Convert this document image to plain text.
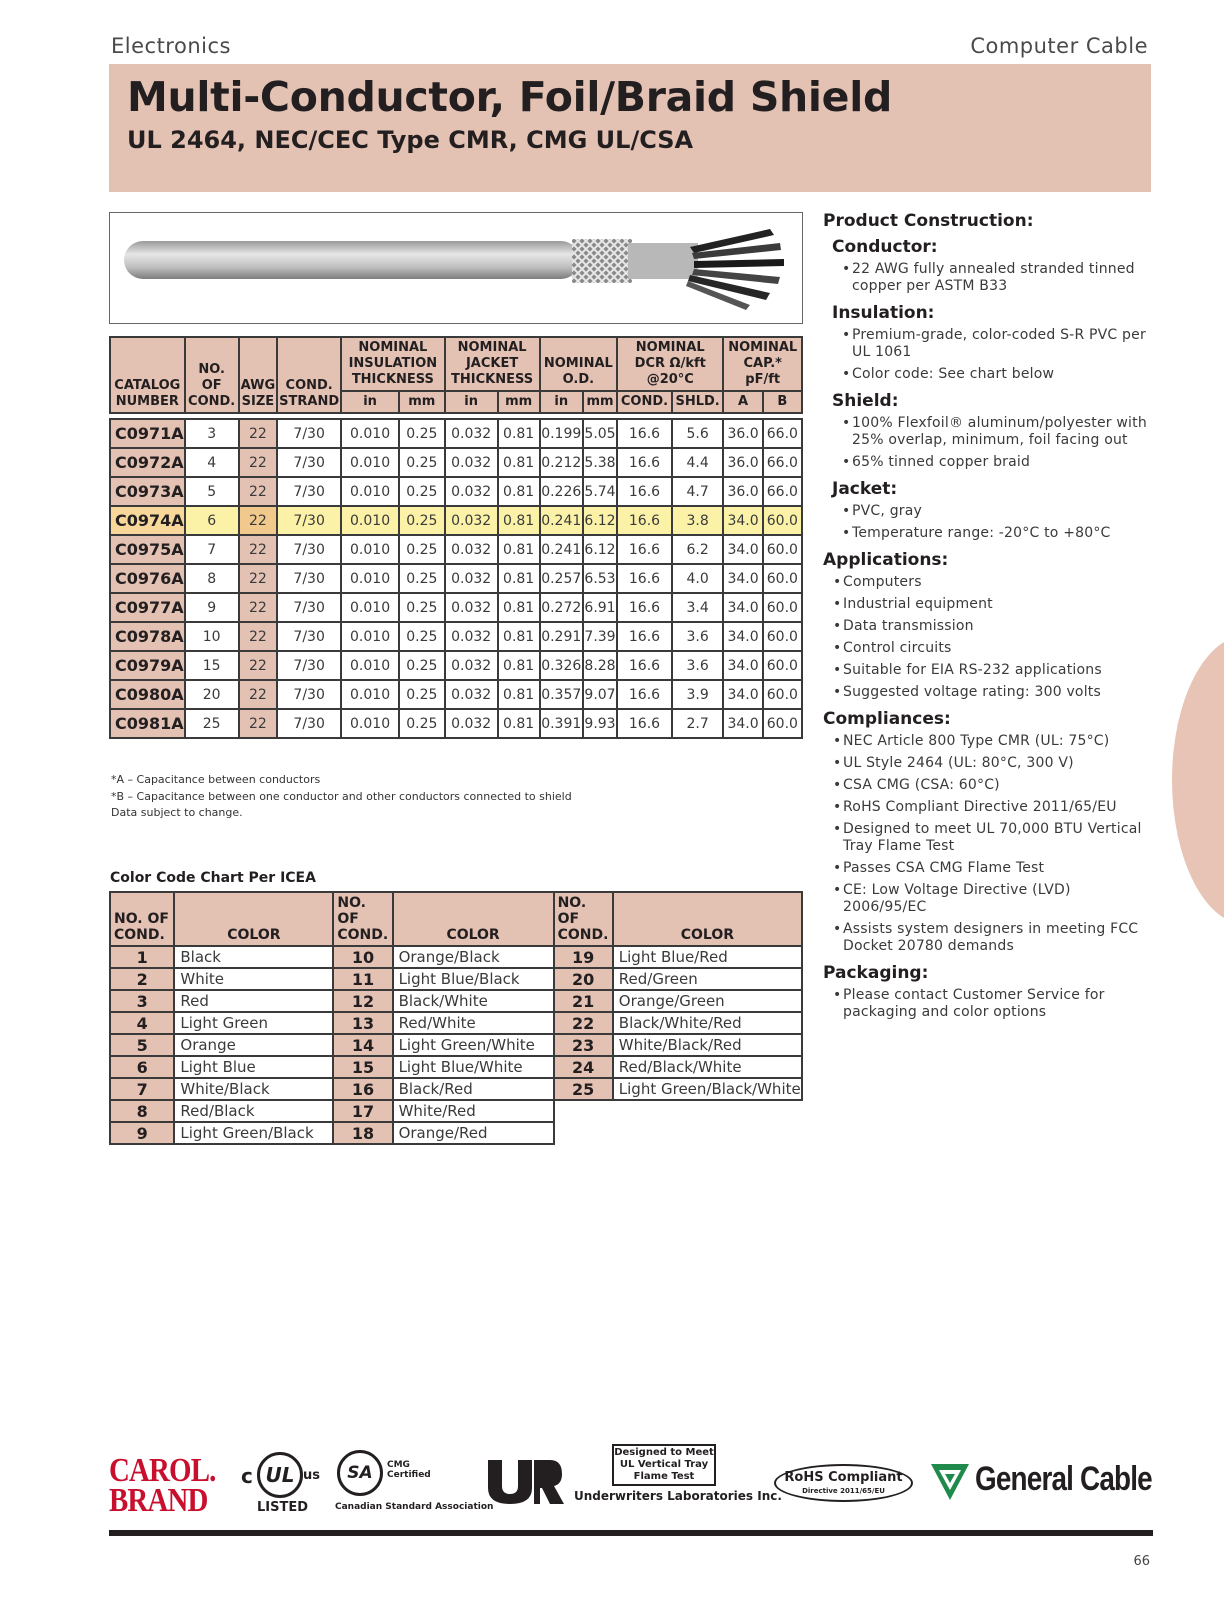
Electronics	Computer Cable
Multi-Conductor, Foil/Braid Shield
UL 2464, NEC/CEC Type CMR, CMG UL/CSA
CATALOG NUMBER	NO. OF COND.	AWG SIZE	COND. STRAND	NOMINAL INSULATION THICKNESS		NOMINAL JACKET THICKNESS		NOMINAL O.D.		NOMINAL DCR Ω/kft @20°C		NOMINAL CAP.* pF/ft	
				in	mm	in	mm	in	mm	COND.	SHLD.	A	B

C0971A	3	22	7/30	0.010	0.25	0.032	0.81	0.199	5.05	16.6	5.6	36.0	66.0
C0972A	4	22	7/30	0.010	0.25	0.032	0.81	0.212	5.38	16.6	4.4	36.0	66.0
C0973A	5	22	7/30	0.010	0.25	0.032	0.81	0.226	5.74	16.6	4.7	36.0	66.0
C0974A	6	22	7/30	0.010	0.25	0.032	0.81	0.241	6.12	16.6	3.8	34.0	60.0
C0975A	7	22	7/30	0.010	0.25	0.032	0.81	0.241	6.12	16.6	6.2	34.0	60.0
C0976A	8	22	7/30	0.010	0.25	0.032	0.81	0.257	6.53	16.6	4.0	34.0	60.0
C0977A	9	22	7/30	0.010	0.25	0.032	0.81	0.272	6.91	16.6	3.4	34.0	60.0
C0978A	10	22	7/30	0.010	0.25	0.032	0.81	0.291	7.39	16.6	3.6	34.0	60.0
C0979A	15	22	7/30	0.010	0.25	0.032	0.81	0.326	8.28	16.6	3.6	34.0	60.0
C0980A	20	22	7/30	0.010	0.25	0.032	0.81	0.357	9.07	16.6	3.9	34.0	60.0
C0981A	25	22	7/30	0.010	0.25	0.032	0.81	0.391	9.93	16.6	2.7	34.0	60.0
*A – Capacitance between conductors
*B – Capacitance between one conductor and other conductors connected to shield
Data subject to change.
Color Code Chart Per ICEA
NO. OF COND.	COLOR	NO. OF COND.	COLOR	NO. OF COND.	COLOR
1	Black	10	Orange/Black	19	Light Blue/Red
2	White	11	Light Blue/Black	20	Red/Green
3	Red	12	Black/White	21	Orange/Green
4	Light Green	13	Red/White	22	Black/White/Red
5	Orange	14	Light Green/White	23	White/Black/Red
6	Light Blue	15	Light Blue/White	24	Red/Black/White
7	White/Black	16	Black/Red	25	Light Green/Black/White
8	Red/Black	17	White/Red		
9	Light Green/Black	18	Orange/Red		
Product Construction:
Conductor:
• 22 AWG fully annealed stranded tinned copper per ASTM B33
Insulation:
• Premium-grade, color-coded S-R PVC per UL 1061
• Color code: See chart below
Shield:
• 100% Flexfoil® aluminum/polyester with 25% overlap, minimum, foil facing out
• 65% tinned copper braid
Jacket:
• PVC, gray
• Temperature range: -20°C to +80°C
Applications:
• Computers
• Industrial equipment
• Data transmission
• Control circuits
• Suitable for EIA RS-232 applications
• Suggested voltage rating: 300 volts
Compliances:
• NEC Article 800 Type CMR (UL: 75°C)
• UL Style 2464 (UL: 80°C, 300 V)
• CSA CMG (CSA: 60°C)
• RoHS Compliant Directive 2011/65/EU
• Designed to meet UL 70,000 BTU Vertical Tray Flame Test
• Passes CSA CMG Flame Test
• CE: Low Voltage Directive (LVD) 2006/95/EC
• Assists system designers in meeting FCC Docket 20780 demands
Packaging:
• Please contact Customer Service for packaging and color options
CAROL.
BRAND
c UL us
LISTED
SA	CMG
Certified
Canadian Standard Association
Designed to Meet
UL Vertical Tray
Flame Test
Underwriters Laboratories Inc.
RoHS Compliant
Directive 2011/65/EU	General Cable
66
